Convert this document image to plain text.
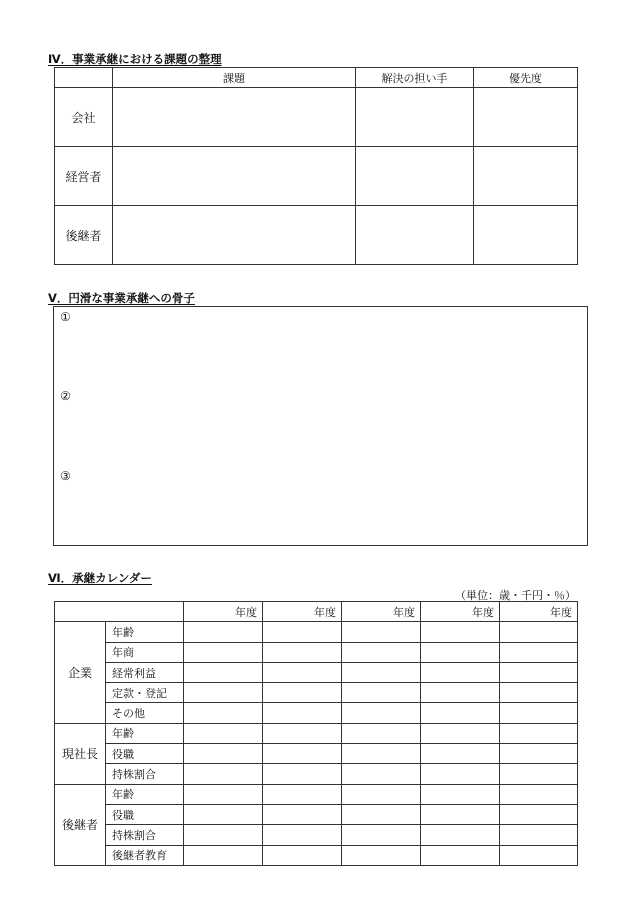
Ⅳ．事業承継における課題の整理
	課題	解決の担い手	優先度
会社			
経営者			
後継者			
Ⅴ．円滑な事業承継への骨子
①
②
③
Ⅵ．承継カレンダー
（単位：歳・千円・％）
		年度	年度	年度	年度	年度
企業	年齢					
	年商					
	経常利益					
	定款・登記					
	その他					
現社長	年齢					
	役職					
	持株割合					
後継者	年齢					
	役職					
	持株割合					
	後継者教育					
